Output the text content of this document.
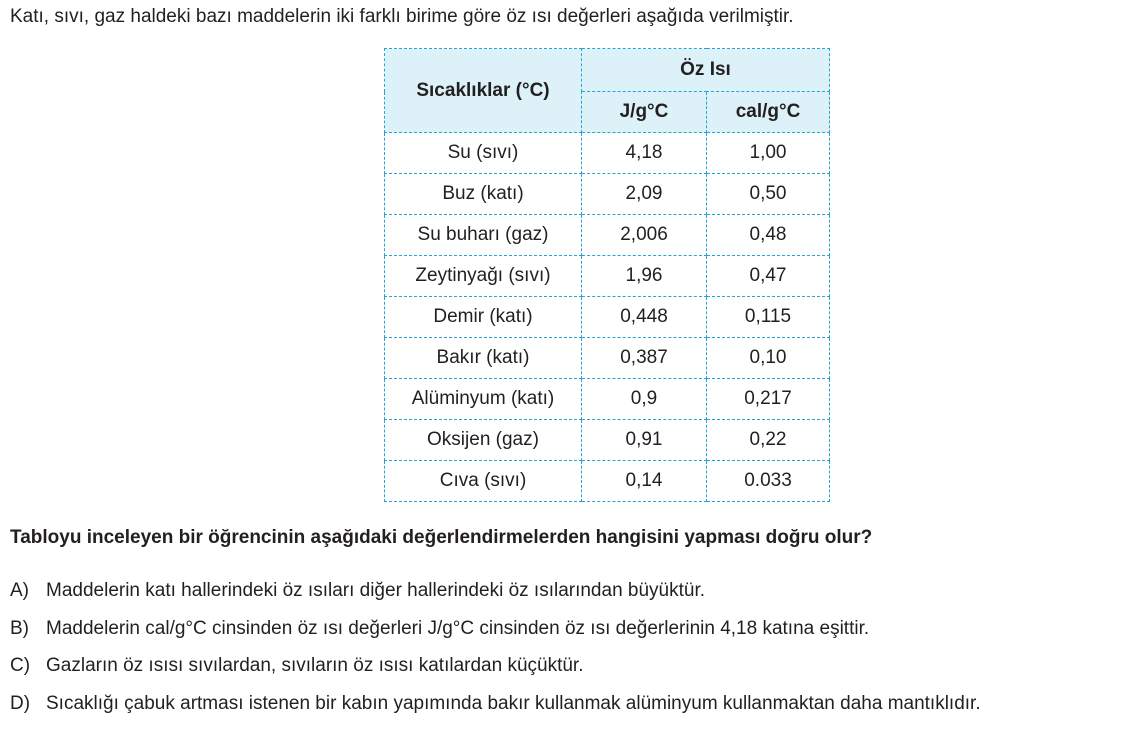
Katı, sıvı, gaz haldeki bazı maddelerin iki farklı birime göre öz ısı değerleri aşağıda verilmiştir.
Sıcaklıklar (°C)	Öz Isı	
	J/g°C	cal/g°C
Su (sıvı)	4,18	1,00
Buz (katı)	2,09	0,50
Su buharı (gaz)	2,006	0,48
Zeytinyağı (sıvı)	1,96	0,47
Demir (katı)	0,448	0,115
Bakır (katı)	0,387	0,10
Alüminyum (katı)	0,9	0,217
Oksijen (gaz)	0,91	0,22
Cıva (sıvı)	0,14	0.033
Tabloyu inceleyen bir öğrencinin aşağıdaki değerlendirmelerden hangisini yapması doğru olur?
A) Maddelerin katı hallerindeki öz ısıları diğer hallerindeki öz ısılarından büyüktür.
B) Maddelerin cal/g°C cinsinden öz ısı değerleri J/g°C cinsinden öz ısı değerlerinin 4,18 katına eşittir.
C) Gazların öz ısısı sıvılardan, sıvıların öz ısısı katılardan küçüktür.
D) Sıcaklığı çabuk artması istenen bir kabın yapımında bakır kullanmak alüminyum kullanmaktan daha mantıklıdır.
